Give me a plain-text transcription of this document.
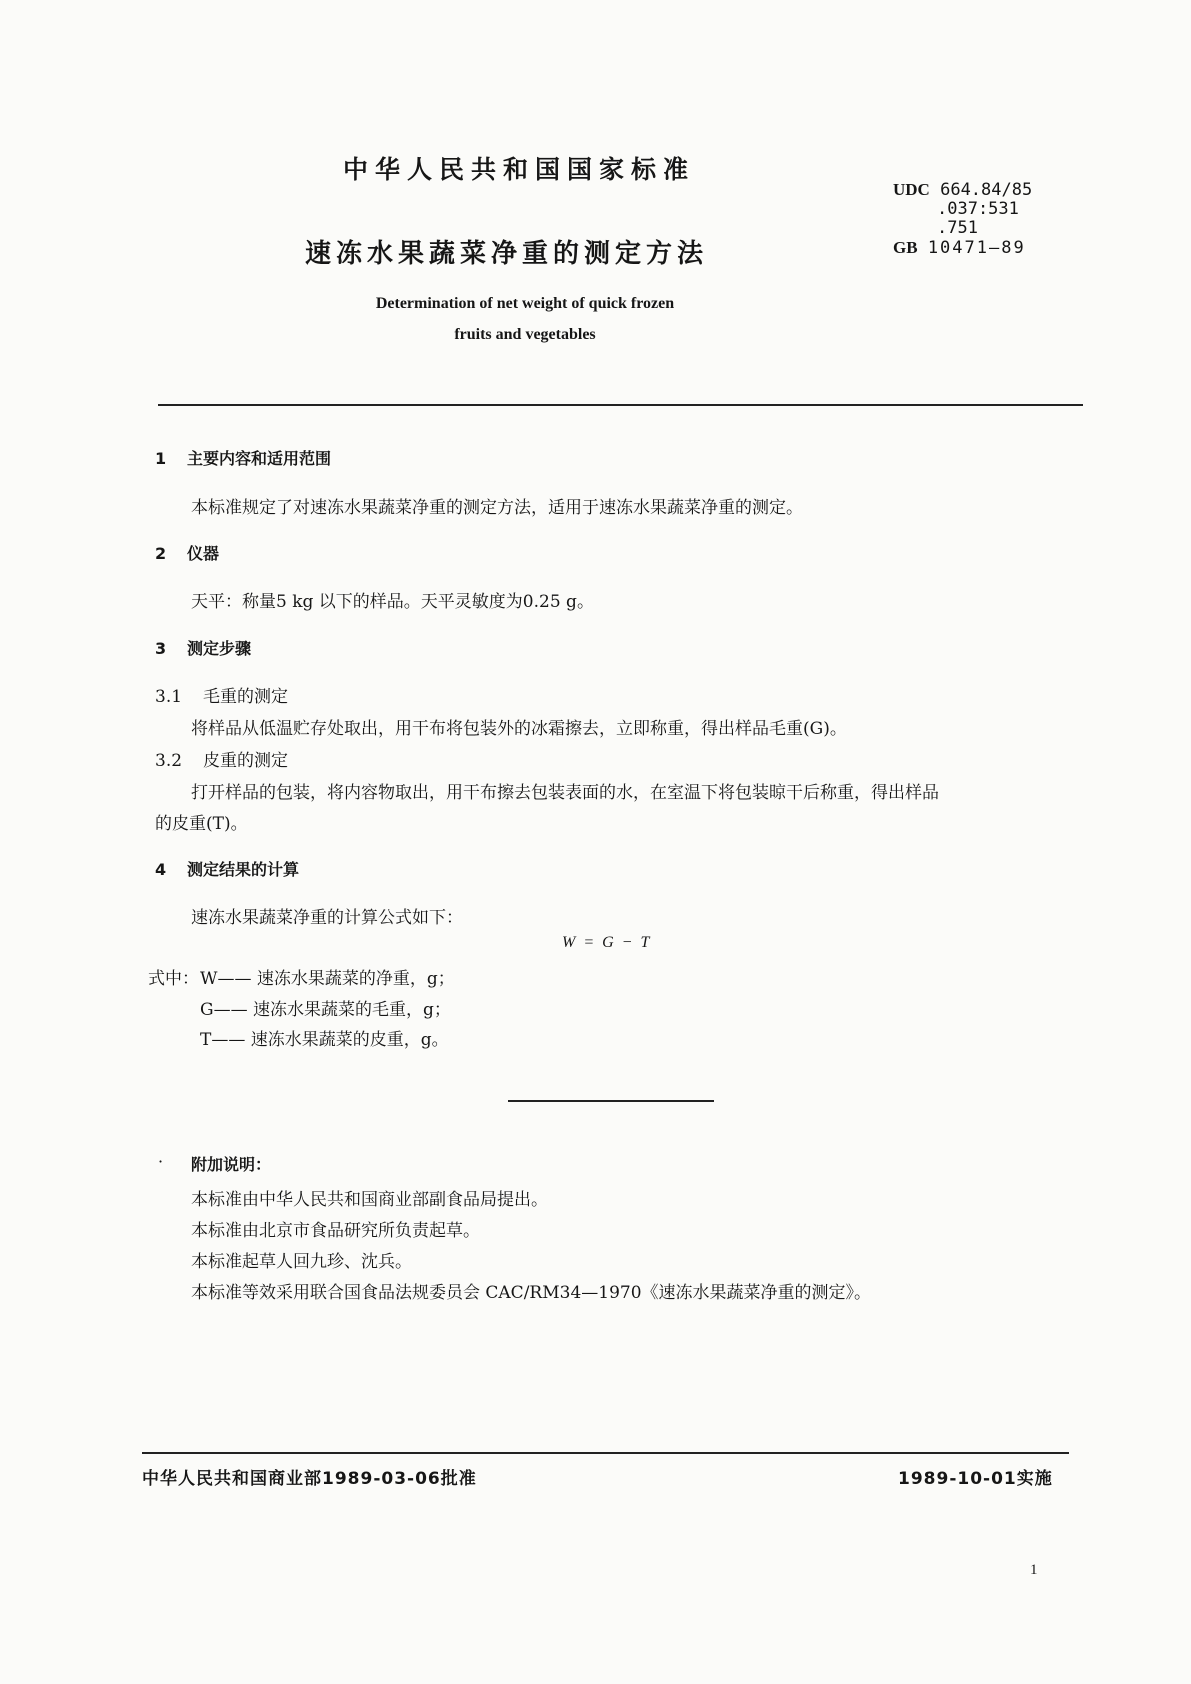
中华人民共和国国家标准
UDC 664.84/85
.037:531
.751
GB 10471—89
速冻水果蔬菜净重的测定方法
Determination of net weight of quick frozen
fruits and vegetables
1 主要内容和适用范围
本标准规定了对速冻水果蔬菜净重的测定方法，适用于速冻水果蔬菜净重的测定。
2 仪器
天平：称量5 kg 以下的样品。天平灵敏度为0.25 g。
3 测定步骤
3.1 毛重的测定
将样品从低温贮存处取出，用干布将包装外的冰霜擦去，立即称重，得出样品毛重(G)。
3.2 皮重的测定
打开样品的包装，将内容物取出，用干布擦去包装表面的水，在室温下将包装晾干后称重，得出样品
的皮重(T)。
4 测定结果的计算
速冻水果蔬菜净重的计算公式如下：
W = G − T
式中： W—— 速冻水果蔬菜的净重，g；
G—— 速冻水果蔬菜的毛重，g；
T—— 速冻水果蔬菜的皮重，g。
· 附加说明：
本标准由中华人民共和国商业部副食品局提出。
本标准由北京市食品研究所负责起草。
本标准起草人回九珍、沈兵。
本标准等效采用联合国食品法规委员会 CAC/RM34—1970《速冻水果蔬菜净重的测定》。
中华人民共和国商业部1989-03-06批准	1989-10-01实施
1
